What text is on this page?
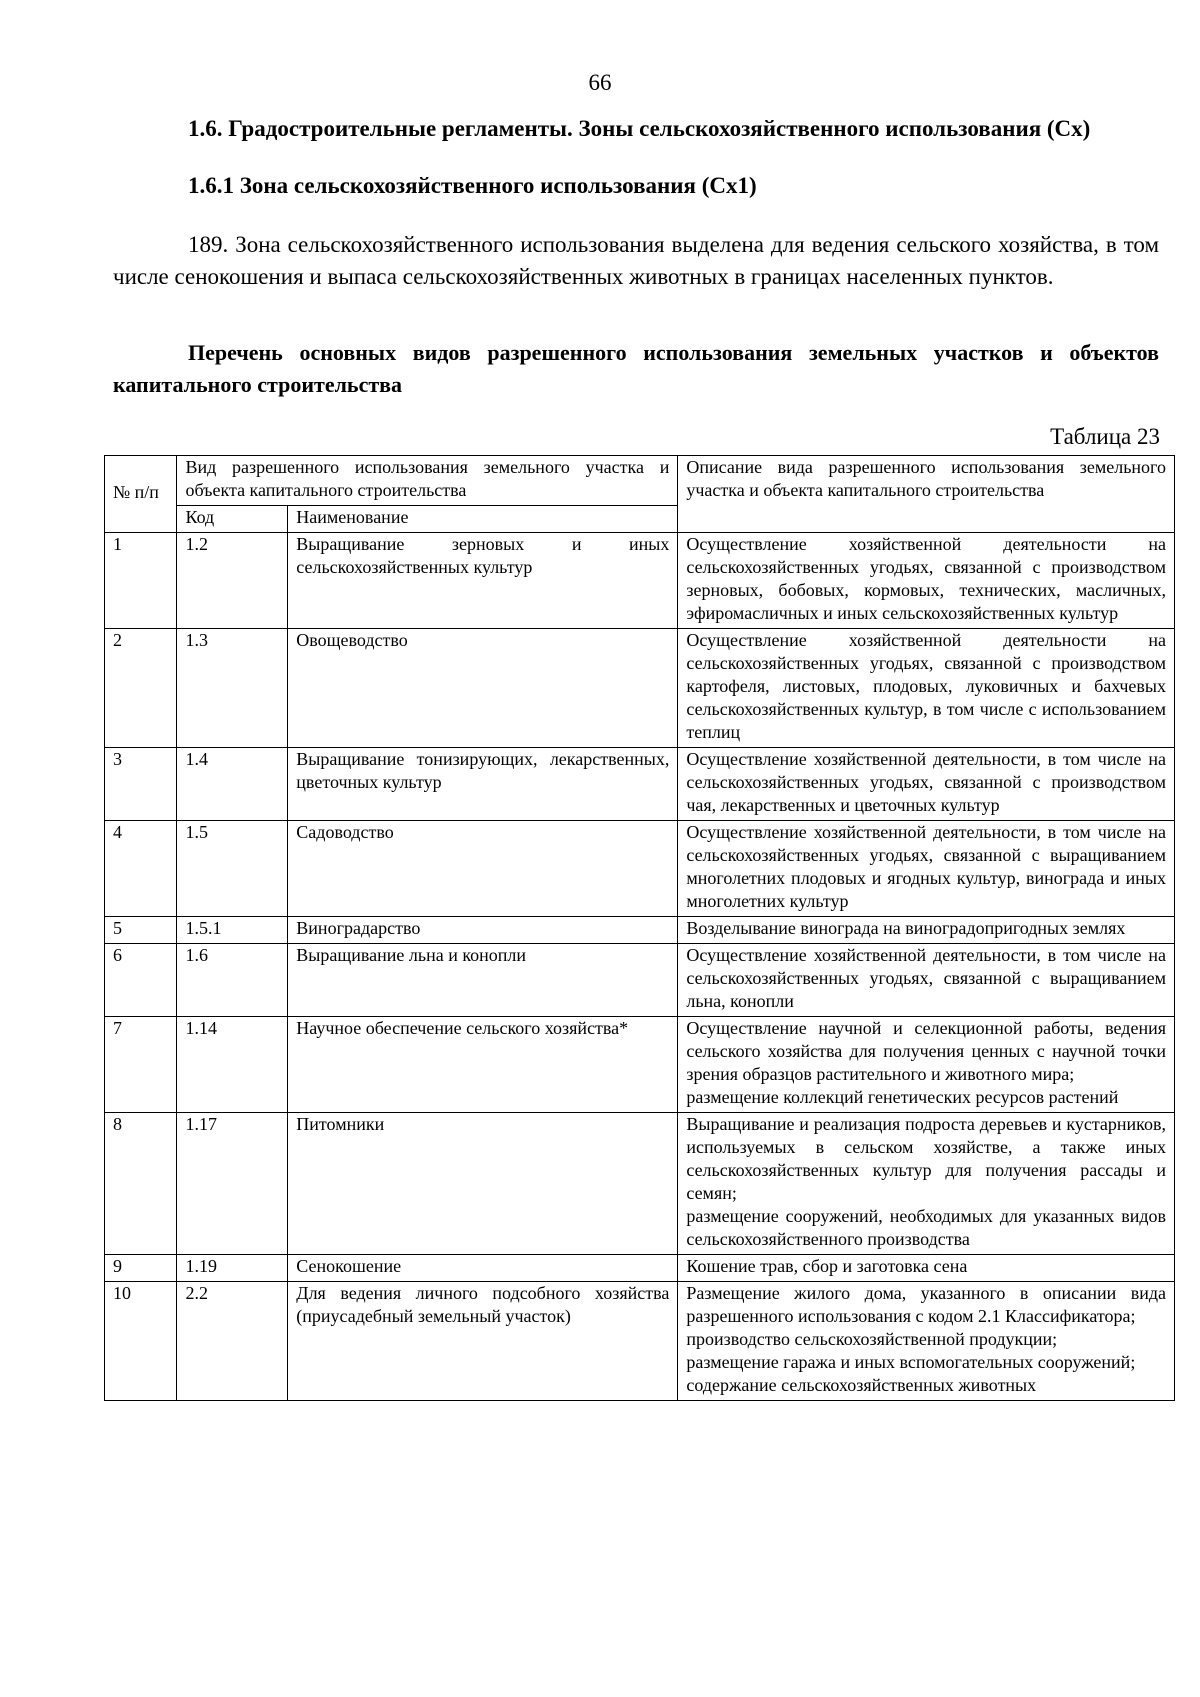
66
1.6. Градостроительные регламенты. Зоны сельскохозяйственного использования (Сх)
1.6.1 Зона сельскохозяйственного использования (Сх1)
189. Зона сельскохозяйственного использования выделена для ведения сельского хозяйства, в том числе сенокошения и выпаса сельскохозяйственных животных в границах населенных пунктов.
Перечень основных видов разрешенного использования земельных участков и объектов капитального строительства
Таблица 23
№ п/п	Вид разрешенного использования земельного участка и объекта капитального строительства		Описание вида разрешенного использования земельного участка и объекта капитального строительства
	Код	Наименование	
1	1.2	Выращивание зерновых и иных сельскохозяйственных культур	Осуществление хозяйственной деятельности на сельскохозяйственных угодьях, связанной с производством зерновых, бобовых, кормовых, технических, масличных, эфиромасличных и иных сельскохозяйственных культур

2	1.3	Овощеводство	Осуществление хозяйственной деятельности на сельскохозяйственных угодьях, связанной с производством картофеля, листовых, плодовых, луковичных и бахчевых сельскохозяйственных культур, в том числе с использованием теплиц

3	1.4	Выращивание тонизирующих, лекарственных, цветочных культур	Осуществление хозяйственной деятельности, в том числе на сельскохозяйственных угодьях, связанной с производством чая, лекарственных и цветочных культур

4	1.5	Садоводство	Осуществление хозяйственной деятельности, в том числе на сельскохозяйственных угодьях, связанной с выращиванием многолетних плодовых и ягодных культур, винограда и иных многолетних культур

5	1.5.1	Виноградарство	Возделывание винограда на виноградопригодных землях

6	1.6	Выращивание льна и конопли	Осуществление хозяйственной деятельности, в том числе на сельскохозяйственных угодьях, связанной с выращиванием льна, конопли

7	1.14	Научное обеспечение сельского хозяйства*	Осуществление научной и селекционной работы, ведения сельского хозяйства для получения ценных с научной точки зрения образцов растительного и животного мира;
размещение коллекций генетических ресурсов растений

8	1.17	Питомники	Выращивание и реализация подроста деревьев и кустарников, используемых в сельском хозяйстве, а также иных сельскохозяйственных культур для получения рассады и семян;
размещение сооружений, необходимых для указанных видов сельскохозяйственного производства

9	1.19	Сенокошение	Кошение трав, сбор и заготовка сена

10	2.2	Для ведения личного подсобного хозяйства (приусадебный земельный участок)	Размещение жилого дома, указанного в описании вида разрешенного использования с кодом 2.1 Классификатора;
производство сельскохозяйственной продукции;
размещение гаража и иных вспомогательных сооружений;
содержание сельскохозяйственных животных
